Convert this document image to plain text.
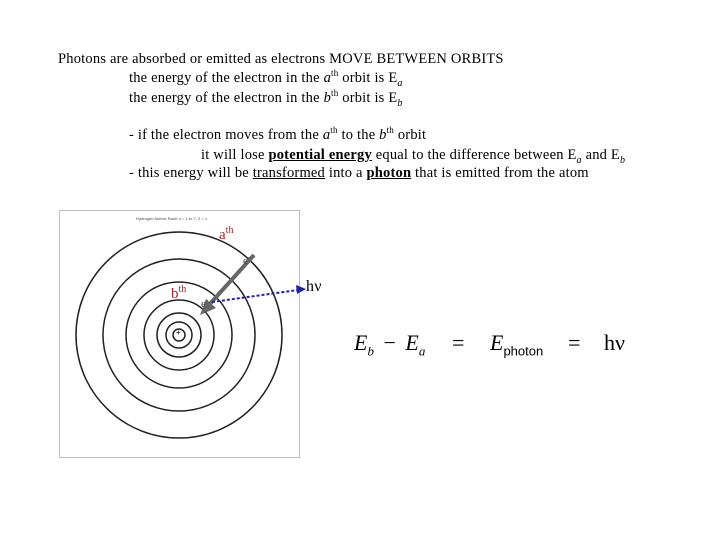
Photons are absorbed or emitted as electrons MOVE BETWEEN ORBITS
the energy of the electron in the $a^{th}$ orbit is $E_a$
the energy of the electron in the $b^{th}$ orbit is $E_b$
- if the electron moves from the $a^{th}$ to the $b^{th}$ orbit
it will lose potential energy equal to the difference between $E_a$ and $E_b$
- this energy will be transformed into a photon that is emitted from the atom
Hydrogen Atomic Radii: n = 1 to 7, Z = 1
+
e-
e-
$a^{th}$
$b^{th}$	hν
$E_b - E_a = E_{photon} = h\nu$
